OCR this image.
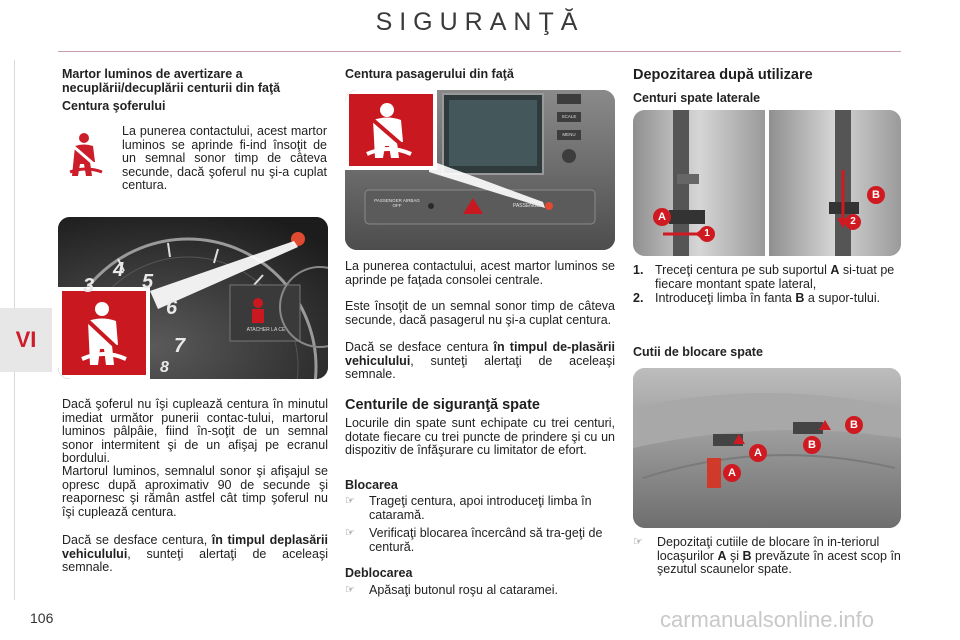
SIGURANŢĂ
VI
Martor luminos de avertizare a necuplării/decuplării centurii din faţă
Centura şoferului
La punerea contactului, acest martor luminos se aprinde fi-ind însoţit de un semnal sonor timp de câteva secunde, dacă şoferul nu şi-a cuplat centura.
3
4
5
6
7
8
ATACHER LA CE
Dacă şoferul nu îşi cuplează centura în minutul imediat următor punerii contac-tului, martorul luminos pâlpâie, fiind în-soţit de un semnal sonor intermitent şi de un afişaj pe ecranul bordului.
Martorul luminos, semnalul sonor şi afişajul se opresc după aproximativ 90 de secunde şi reapornesc şi rămân astfel cât timp şoferul nu îşi cuplează centura.
Dacă se desface centura, în timpul deplasării vehiculului, sunteţi alertaţi de aceleaşi semnale.
Centura pasagerului din faţă
PASSENGER AIRBAG OFF	PASSENGER
SCALE
MENU
La punerea contactului, acest martor luminos se aprinde pe faţada consolei centrale.
Este însoţit de un semnal sonor timp de câteva secunde, dacă pasagerul nu şi-a cuplat centura.
Dacă se desface centura în timpul de-plasării vehiculului, sunteţi alertaţi de aceleaşi semnale.
Centurile de siguranţă spate
Locurile din spate sunt echipate cu trei centuri, dotate fiecare cu trei puncte de prindere şi cu un dispozitiv de înfăşurare cu limitator de efort.
Blocarea
☞ Trageţi centura, apoi introduceţi limba în cataramă.
☞ Verificaţi blocarea încercând să tra-geţi de centură.
Deblocarea
☞ Apăsaţi butonul roşu al cataramei.
Depozitarea după utilizare
Centuri spate laterale
A
1
B
2
1. Treceţi centura pe sub suportul A si-tuat pe fiecare montant spate lateral,
2. Introduceţi limba în fanta B a supor-tului.
Cutii de blocare spate
A
A
B
B
☞ Depozitaţi cutiile de blocare în in-teriorul locaşurilor A şi B prevăzute în acest scop în şezutul scaunelor spate.
106	carmanualsonline.info
